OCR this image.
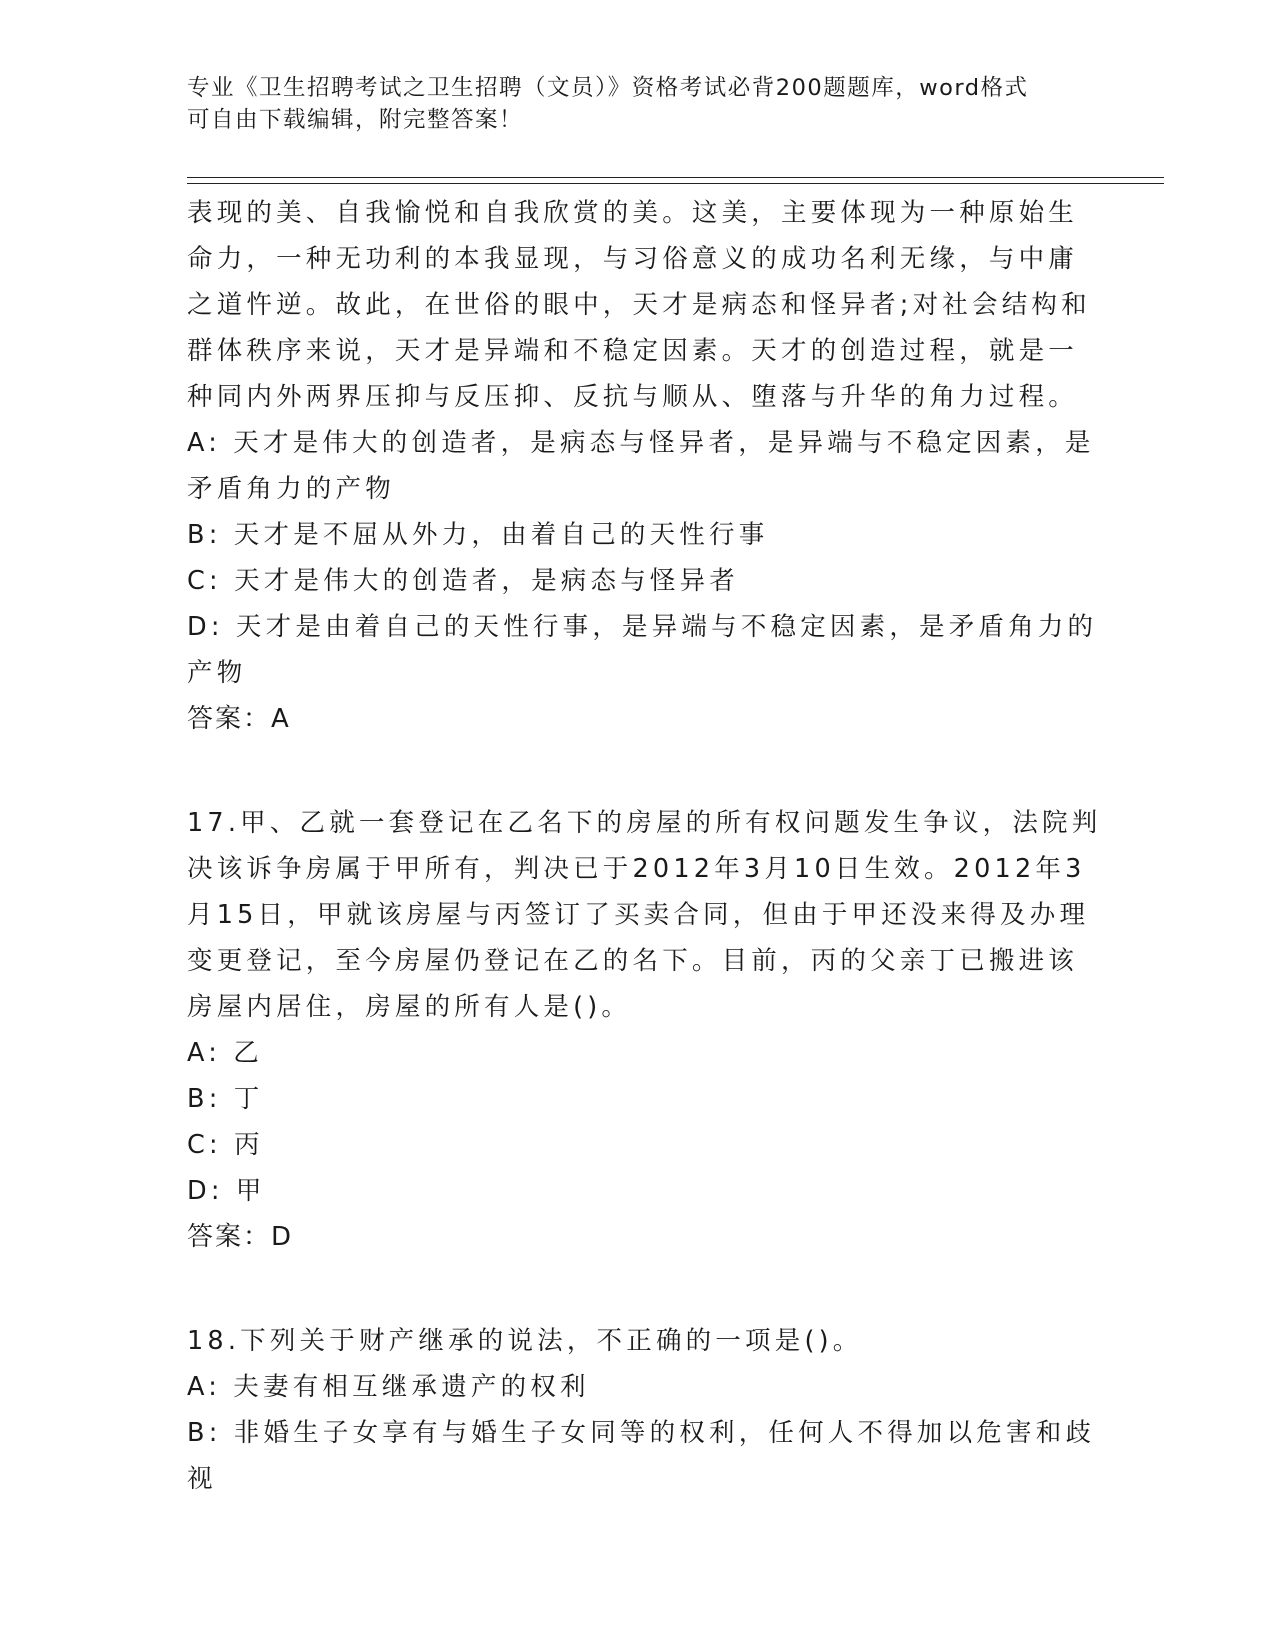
专业《卫生招聘考试之卫生招聘（文员）》资格考试必背200题题库，word格式
可自由下载编辑，附完整答案！
表现的美、自我愉悦和自我欣赏的美。这美，主要体现为一种原始生
命力，一种无功利的本我显现，与习俗意义的成功名利无缘，与中庸
之道忤逆。故此，在世俗的眼中，天才是病态和怪异者;对社会结构和
群体秩序来说，天才是异端和不稳定因素。天才的创造过程，就是一
种同内外两界压抑与反压抑、反抗与顺从、堕落与升华的角力过程。
A: 天才是伟大的创造者，是病态与怪异者，是异端与不稳定因素，是
矛盾角力的产物
B: 天才是不屈从外力，由着自己的天性行事
C: 天才是伟大的创造者，是病态与怪异者
D: 天才是由着自己的天性行事，是异端与不稳定因素，是矛盾角力的
产物
答案：A
17.甲、乙就一套登记在乙名下的房屋的所有权问题发生争议，法院判
决该诉争房属于甲所有，判决已于2012年3月10日生效。2012年3
月15日，甲就该房屋与丙签订了买卖合同，但由于甲还没来得及办理
变更登记，至今房屋仍登记在乙的名下。目前，丙的父亲丁已搬进该
房屋内居住，房屋的所有人是()。
A: 乙
B: 丁
C: 丙
D: 甲
答案：D
18.下列关于财产继承的说法，不正确的一项是()。
A: 夫妻有相互继承遗产的权利
B: 非婚生子女享有与婚生子女同等的权利，任何人不得加以危害和歧
视
